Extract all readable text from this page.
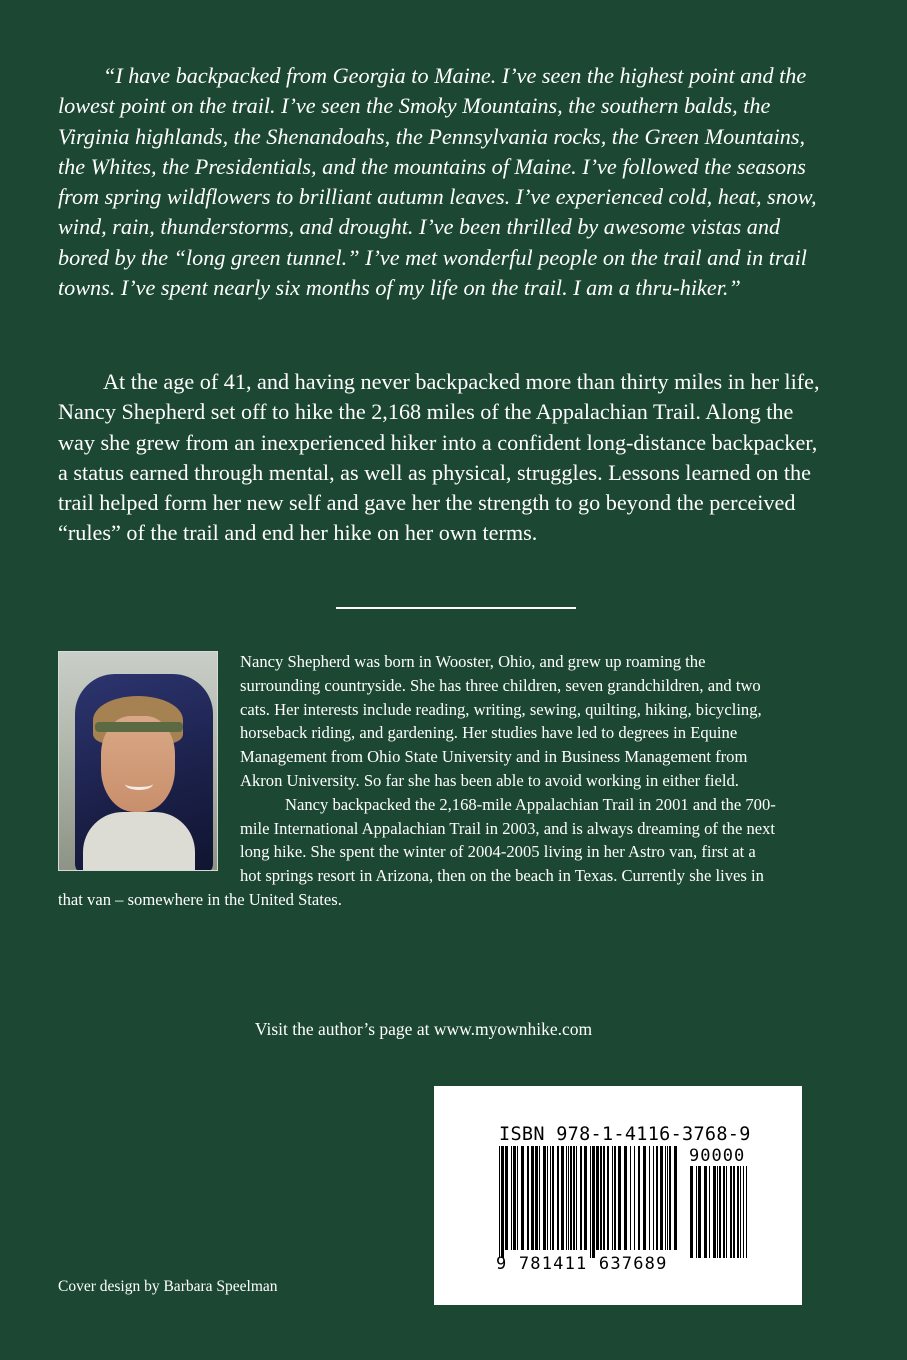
“I have backpacked from Georgia to Maine. I’ve seen the highest point and the lowest point on the trail. I’ve seen the Smoky Mountains, the southern balds, the Virginia highlands, the Shenandoahs, the Pennsylvania rocks, the Green Mountains, the Whites, the Presidentials, and the mountains of Maine. I’ve followed the seasons from spring wildflowers to brilliant autumn leaves. I’ve experienced cold, heat, snow, wind, rain, thunderstorms, and drought. I’ve been thrilled by awesome vistas and bored by the “long green tunnel.” I’ve met wonderful people on the trail and in trail towns. I’ve spent nearly six months of my life on the trail. I am a thru-hiker.”

At the age of 41, and having never backpacked more than thirty miles in her life, Nancy Shepherd set off to hike the 2,168 miles of the Appalachian Trail. Along the way she grew from an inexperienced hiker into a confident long-distance backpacker, a status earned through mental, as well as physical, struggles. Lessons learned on the trail helped form her new self and gave her the strength to go beyond the perceived “rules” of the trail and end her hike on her own terms.

Nancy Shepherd was born in Wooster, Ohio, and grew up roaming the surrounding countryside. She has three children, seven grandchildren, and two cats. Her interests include reading, writing, sewing, quilting, hiking, bicycling, horseback riding, and gardening. Her studies have led to degrees in Equine Management from Ohio State University and in Business Management from Akron University. So far she has been able to avoid working in either field.

Nancy backpacked the 2,168-mile Appalachian Trail in 2001 and the 700-mile International Appalachian Trail in 2003, and is always dreaming of the next long hike. She spent the winter of 2004-2005 living in her Astro van, first at a hot springs resort in Arizona, then on the beach in Texas. Currently she lives in that van – somewhere in the United States.

Visit the author’s page at www.myownhike.com

Cover design by Barbara Speelman

ISBN 978-1-4116-3768-9
90000
9 781411 637689
